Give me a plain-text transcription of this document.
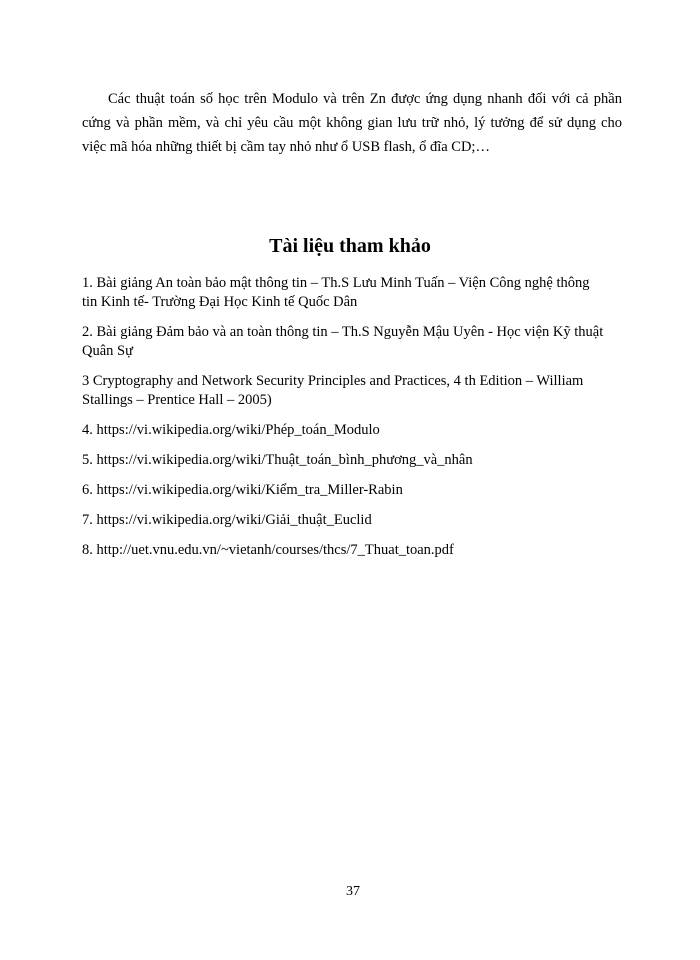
Các thuật toán số học trên Modulo và trên Zn được ứng dụng nhanh đối với cả phần
cứng và phần mềm, và chỉ yêu cầu một không gian lưu trữ nhỏ, lý tưởng để sử dụng cho
việc mã hóa những thiết bị cầm tay nhỏ như ổ USB flash, ổ đĩa CD;…
Tài liệu tham khảo
1. Bài giảng An toàn bảo mật thông tin – Th.S Lưu Minh Tuấn – Viện Công nghệ thông
tin Kinh tế- Trường Đại Học Kinh tế Quốc Dân
2. Bài giảng Đảm bảo và an toàn thông tin – Th.S Nguyễn Mậu Uyên - Học viện Kỹ thuật
Quân Sự
3 Cryptography and Network Security Principles and Practices, 4 th Edition – William
Stallings – Prentice Hall – 2005)
4. https://vi.wikipedia.org/wiki/Phép_toán_Modulo
5. https://vi.wikipedia.org/wiki/Thuật_toán_bình_phương_và_nhân
6. https://vi.wikipedia.org/wiki/Kiểm_tra_Miller-Rabin
7. https://vi.wikipedia.org/wiki/Giải_thuật_Euclid
8. http://uet.vnu.edu.vn/~vietanh/courses/thcs/7_Thuat_toan.pdf
37
